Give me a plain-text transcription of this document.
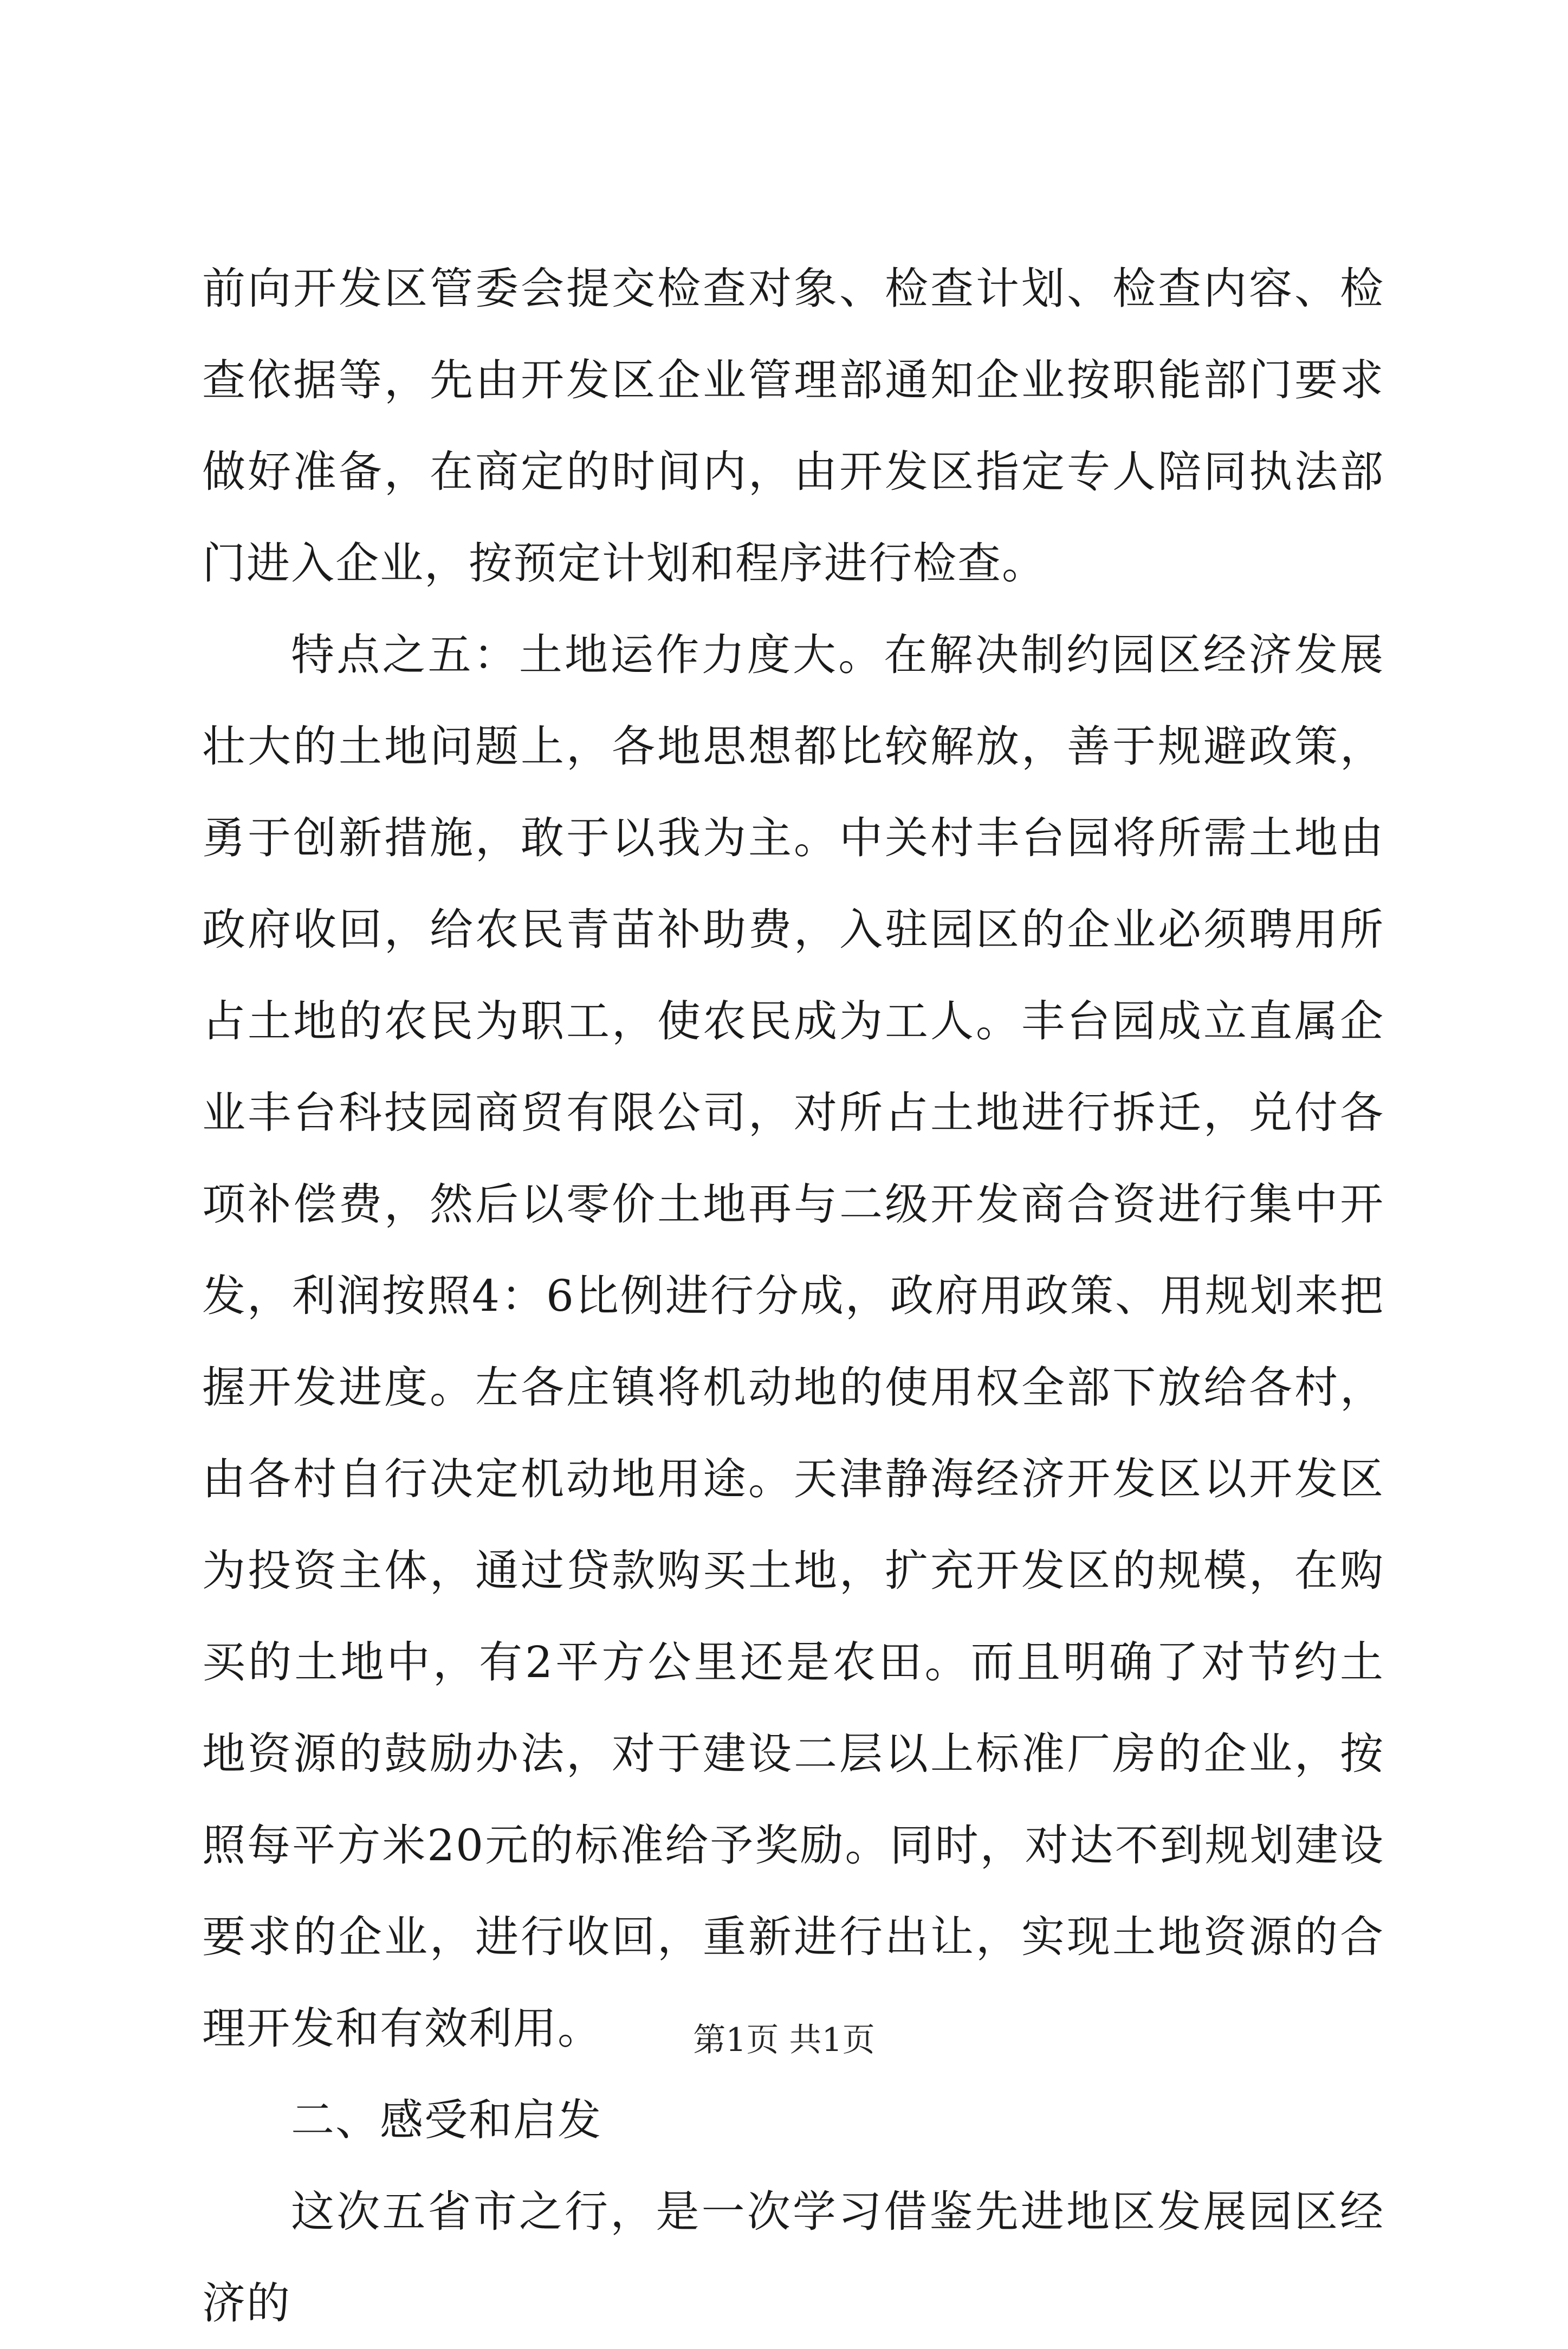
前向开发区管委会提交检查对象、检查计划、检查内容、检查依据等，先由开发区企业管理部通知企业按职能部门要求做好准备，在商定的时间内，由开发区指定专人陪同执法部门进入企业，按预定计划和程序进行检查。

特点之五：土地运作力度大。在解决制约园区经济发展壮大的土地问题上，各地思想都比较解放，善于规避政策，勇于创新措施，敢于以我为主。中关村丰台园将所需土地由政府收回，给农民青苗补助费，入驻园区的企业必须聘用所占土地的农民为职工，使农民成为工人。丰台园成立直属企业丰台科技园商贸有限公司，对所占土地进行拆迁，兑付各项补偿费，然后以零价土地再与二级开发商合资进行集中开发，利润按照4：6比例进行分成，政府用政策、用规划来把握开发进度。左各庄镇将机动地的使用权全部下放给各村，由各村自行决定机动地用途。天津静海经济开发区以开发区为投资主体，通过贷款购买土地，扩充开发区的规模，在购买的土地中，有2平方公里还是农田。而且明确了对节约土地资源的鼓励办法，对于建设二层以上标准厂房的企业，按照每平方米20元的标准给予奖励。同时，对达不到规划建设要求的企业，进行收回，重新进行出让，实现土地资源的合理开发和有效利用。

二、感受和启发

这次五省市之行，是一次学习借鉴先进地区发展园区经济的

第1页 共1页
